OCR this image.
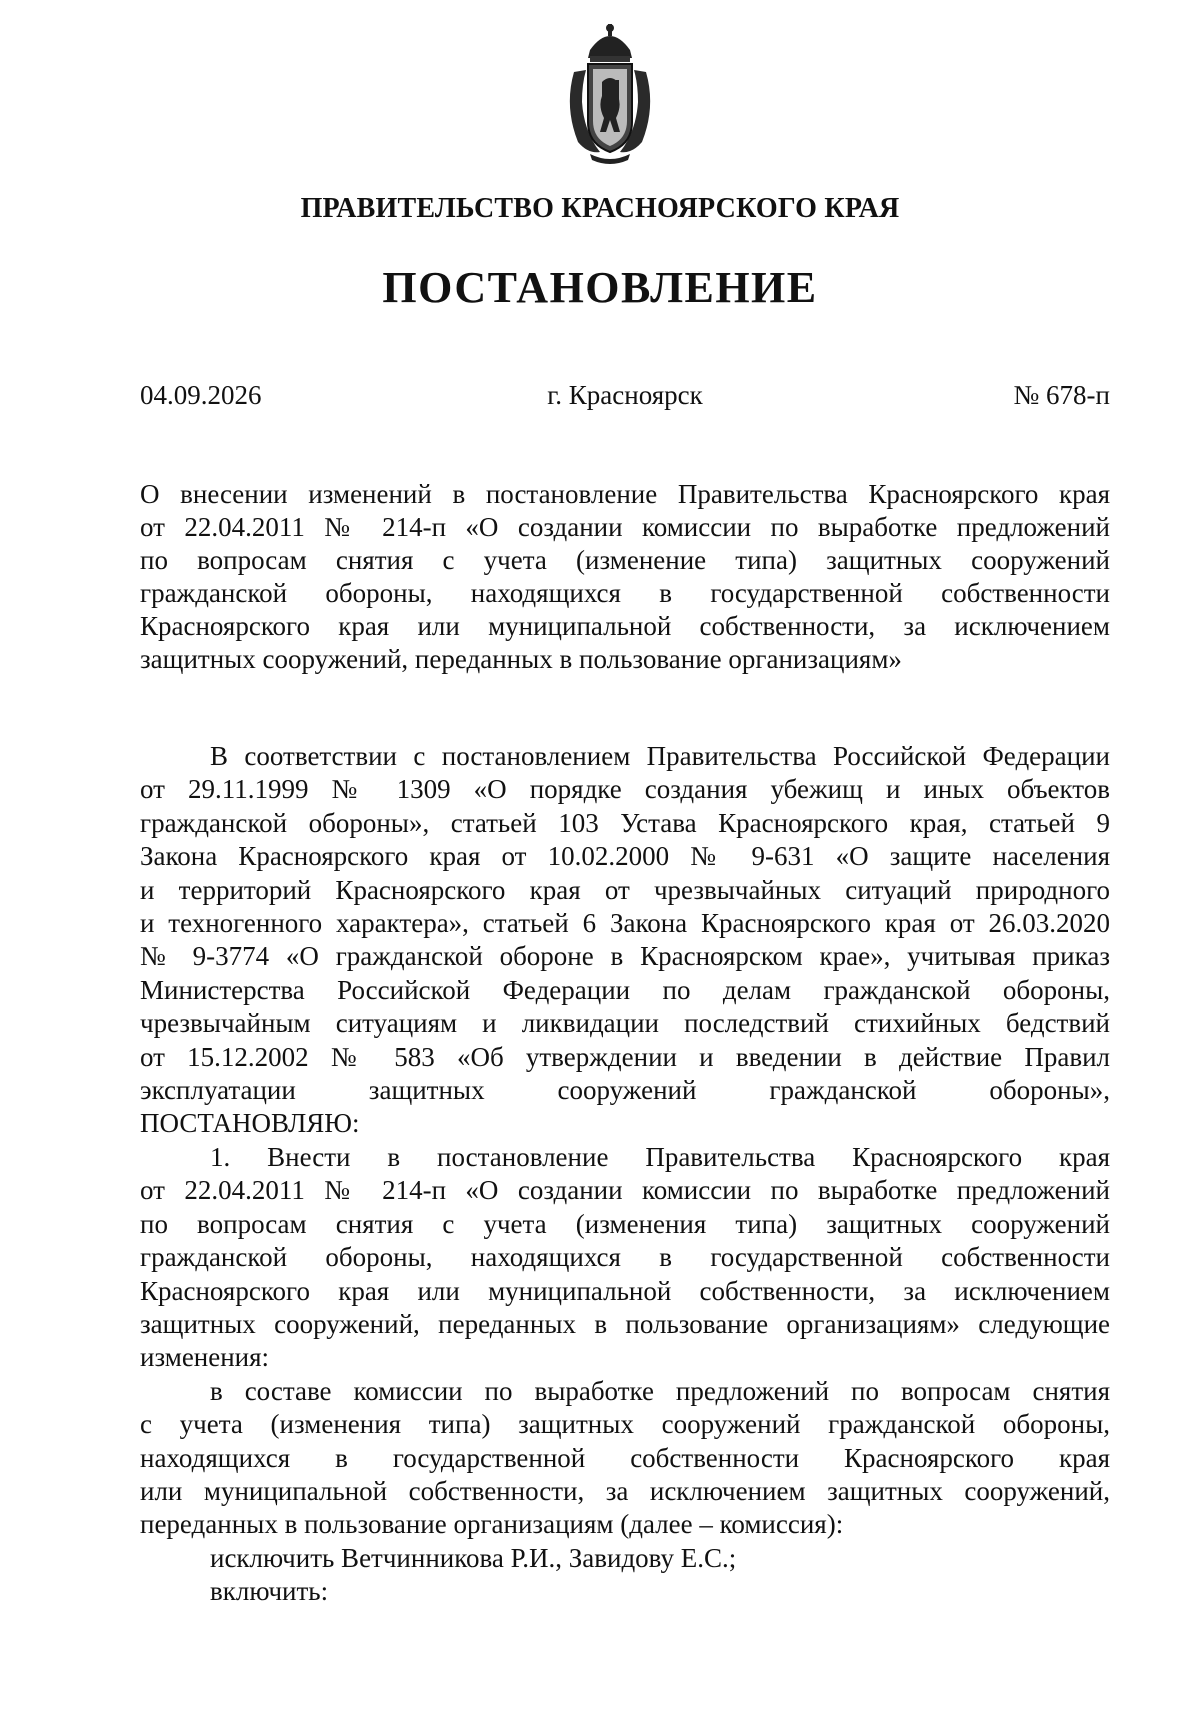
ПРАВИТЕЛЬСТВО КРАСНОЯРСКОГО КРАЯ
ПОСТАНОВЛЕНИЕ
04.09.2026	г. Красноярск	№ 678-п
О внесении изменений в постановление Правительства Красноярского края
от 22.04.2011 № 214-п «О создании комиссии по выработке предложений
по вопросам снятия с учета (изменение типа) защитных сооружений
гражданской обороны, находящихся в государственной собственности
Красноярского края или муниципальной собственности, за исключением
защитных сооружений, переданных в пользование организациям»
В соответствии с постановлением Правительства Российской Федерации
от 29.11.1999 № 1309 «О порядке создания убежищ и иных объектов
гражданской обороны», статьей 103 Устава Красноярского края, статьей 9
Закона Красноярского края от 10.02.2000 № 9-631 «О защите населения
и территорий Красноярского края от чрезвычайных ситуаций природного
и техногенного характера», статьей 6 Закона Красноярского края от 26.03.2020
№ 9-3774 «О гражданской обороне в Красноярском крае», учитывая приказ
Министерства Российской Федерации по делам гражданской обороны,
чрезвычайным ситуациям и ликвидации последствий стихийных бедствий
от 15.12.2002 № 583 «Об утверждении и введении в действие Правил
эксплуатации защитных сооружений гражданской обороны»,
ПОСТАНОВЛЯЮ:
1. Внести в постановление Правительства Красноярского края
от 22.04.2011 № 214-п «О создании комиссии по выработке предложений
по вопросам снятия с учета (изменения типа) защитных сооружений
гражданской обороны, находящихся в государственной собственности
Красноярского края или муниципальной собственности, за исключением
защитных сооружений, переданных в пользование организациям» следующие
изменения:
в составе комиссии по выработке предложений по вопросам снятия
с учета (изменения типа) защитных сооружений гражданской обороны,
находящихся в государственной собственности Красноярского края
или муниципальной собственности, за исключением защитных сооружений,
переданных в пользование организациям (далее – комиссия):
исключить Ветчинникова Р.И., Завидову Е.С.;
включить:
